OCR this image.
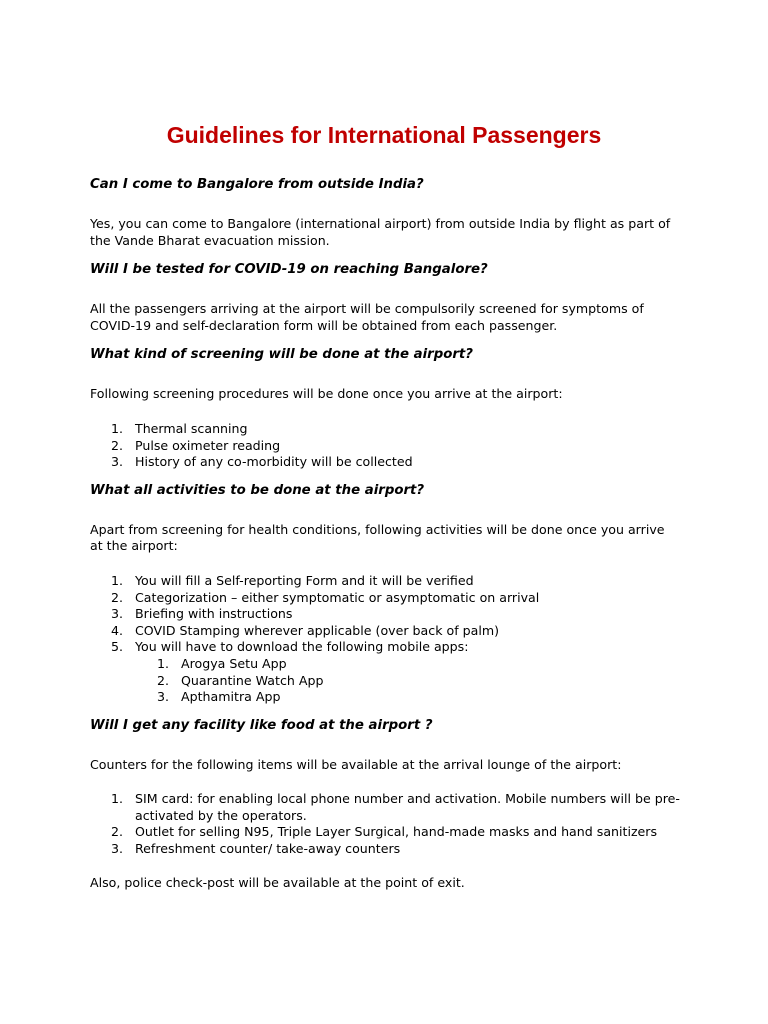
Guidelines for International Passengers

Can I come to Bangalore from outside India?

Yes, you can come to Bangalore (international airport) from outside India by flight as part of the Vande Bharat evacuation mission.

Will I be tested for COVID-19 on reaching Bangalore?

All the passengers arriving at the airport will be compulsorily screened for symptoms of COVID-19 and self-declaration form will be obtained from each passenger.

What kind of screening will be done at the airport?

Following screening procedures will be done once you arrive at the airport:

1. Thermal scanning
2. Pulse oximeter reading
3. History of any co-morbidity will be collected

What all activities to be done at the airport?

Apart from screening for health conditions, following activities will be done once you arrive at the airport:

1. You will fill a Self-reporting Form and it will be verified
2. Categorization – either symptomatic or asymptomatic on arrival
3. Briefing with instructions
4. COVID Stamping wherever applicable (over back of palm)
5. You will have to download the following mobile apps:
1. Arogya Setu App
2. Quarantine Watch App
3. Apthamitra App

Will I get any facility like food at the airport ?

Counters for the following items will be available at the arrival lounge of the airport:

1. SIM card: for enabling local phone number and activation. Mobile numbers will be pre-activated by the operators.
2. Outlet for selling N95, Triple Layer Surgical, hand-made masks and hand sanitizers
3. Refreshment counter/ take-away counters

Also, police check-post will be available at the point of exit.
